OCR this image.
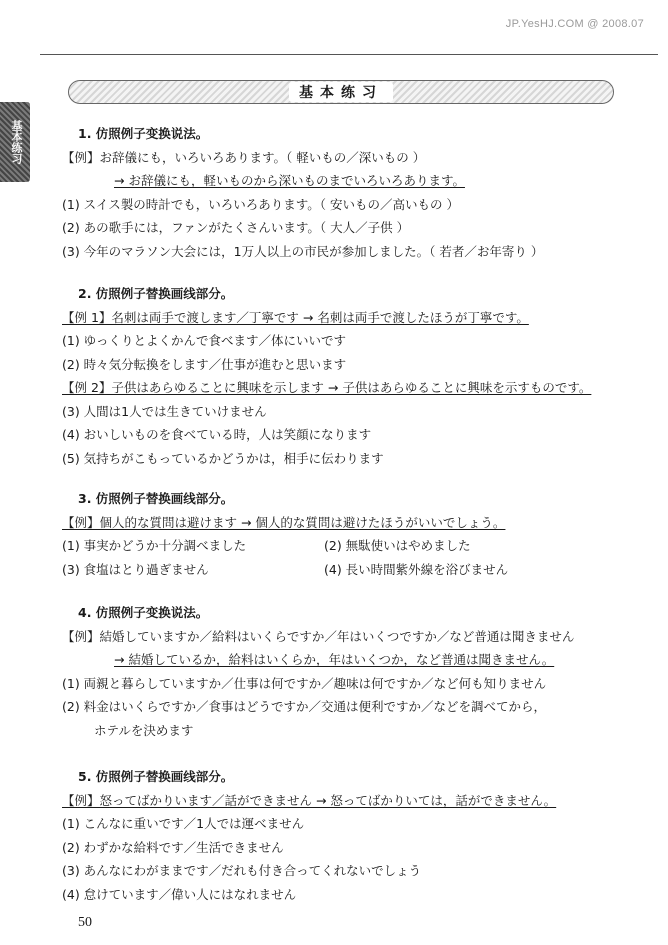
JP.YesHJ.COM @ 2008.07
基本练习
基本练习
1. 仿照例子变换说法。
【例】お辞儀にも，いろいろあります。（ 軽いもの／深いもの ）
→ お辞儀にも，軽いものから深いものまでいろいろあります。
(1) スイス製の時計でも，いろいろあります。（ 安いもの／高いもの ）
(2) あの歌手には，ファンがたくさんいます。（ 大人／子供 ）
(3) 今年のマラソン大会には，1万人以上の市民が参加しました。（ 若者／お年寄り ）
2. 仿照例子替换画线部分。
【例 1】名刺は両手で渡します／丁寧です → 名刺は両手で渡したほうが丁寧です。
(1) ゆっくりとよくかんで食べます／体にいいです
(2) 時々気分転換をします／仕事が進むと思います
【例 2】子供はあらゆることに興味を示します → 子供はあらゆることに興味を示すものです。
(3) 人間は1人では生きていけません
(4) おいしいものを食べている時，人は笑顔になります
(5) 気持ちがこもっているかどうかは，相手に伝わります
3. 仿照例子替换画线部分。
【例】個人的な質問は避けます → 個人的な質問は避けたほうがいいでしょう。
(1) 事実かどうか十分調べました	(2) 無駄使いはやめました
(3) 食塩はとり過ぎません	(4) 長い時間紫外線を浴びません
4. 仿照例子变换说法。
【例】結婚していますか／給料はいくらですか／年はいくつですか／など普通は聞きません
→ 結婚しているか，給料はいくらか，年はいくつか，など普通は聞きません。
(1) 両親と暮らしていますか／仕事は何ですか／趣味は何ですか／など何も知りません
(2) 料金はいくらですか／食事はどうですか／交通は便利ですか／などを調べてから，
ホテルを決めます
5. 仿照例子替换画线部分。
【例】怒ってばかりいます／話ができません → 怒ってばかりいては，話ができません。
(1) こんなに重いです／1人では運べません
(2) わずかな給料です／生活できません
(3) あんなにわがままです／だれも付き合ってくれないでしょう
(4) 怠けています／偉い人にはなれません
50
